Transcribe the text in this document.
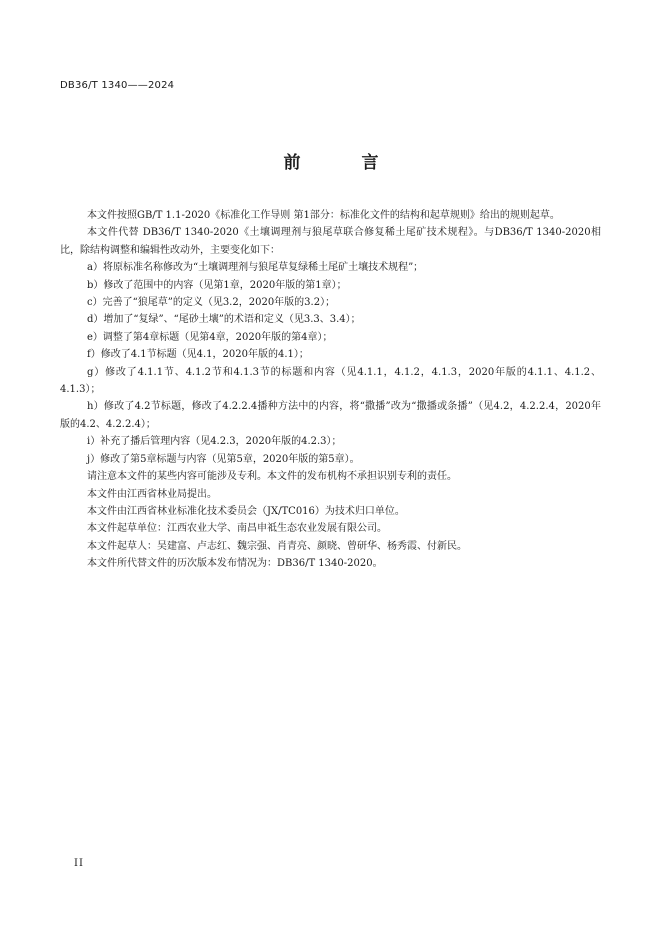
DB36/T 1340——2024
前　言

本文件按照GB/T 1.1-2020《标准化工作导则 第1部分：标准化文件的结构和起草规则》给出的规则起草。

本文件代替 DB36/T 1340-2020《土壤调理剂与狼尾草联合修复稀土尾矿技术规程》。与DB36/T 1340-2020相比，除结构调整和编辑性改动外，主要变化如下：

a）将原标准名称修改为“土壤调理剂与狼尾草复绿稀土尾矿土壤技术规程”；

b）修改了范围中的内容（见第1章，2020年版的第1章）；

c）完善了“狼尾草”的定义（见3.2，2020年版的3.2）；

d）增加了“复绿”、“尾砂土壤”的术语和定义（见3.3、3.4）；

e）调整了第4章标题（见第4章，2020年版的第4章）；

f）修改了4.1节标题（见4.1，2020年版的4.1）；

g）修改了4.1.1节、4.1.2节和4.1.3节的标题和内容（见4.1.1，4.1.2，4.1.3，2020年版的4.1.1、4.1.2、4.1.3）；

h）修改了4.2节标题，修改了4.2.2.4播种方法中的内容，将“撒播”改为“撒播或条播”（见4.2，4.2.2.4，2020年版的4.2、4.2.2.4）；

i）补充了播后管理内容（见4.2.3，2020年版的4.2.3）；

j）修改了第5章标题与内容（见第5章，2020年版的第5章）。

请注意本文件的某些内容可能涉及专利。本文件的发布机构不承担识别专利的责任。

本文件由江西省林业局提出。

本文件由江西省林业标准化技术委员会（JX/TC016）为技术归口单位。

本文件起草单位：江西农业大学、南昌申祗生态农业发展有限公司。

本文件起草人：吴建富、卢志红、魏宗强、肖青亮、颜晓、曾研华、杨秀霞、付新民。

本文件所代替文件的历次版本发布情况为：DB36/T 1340-2020。

II
